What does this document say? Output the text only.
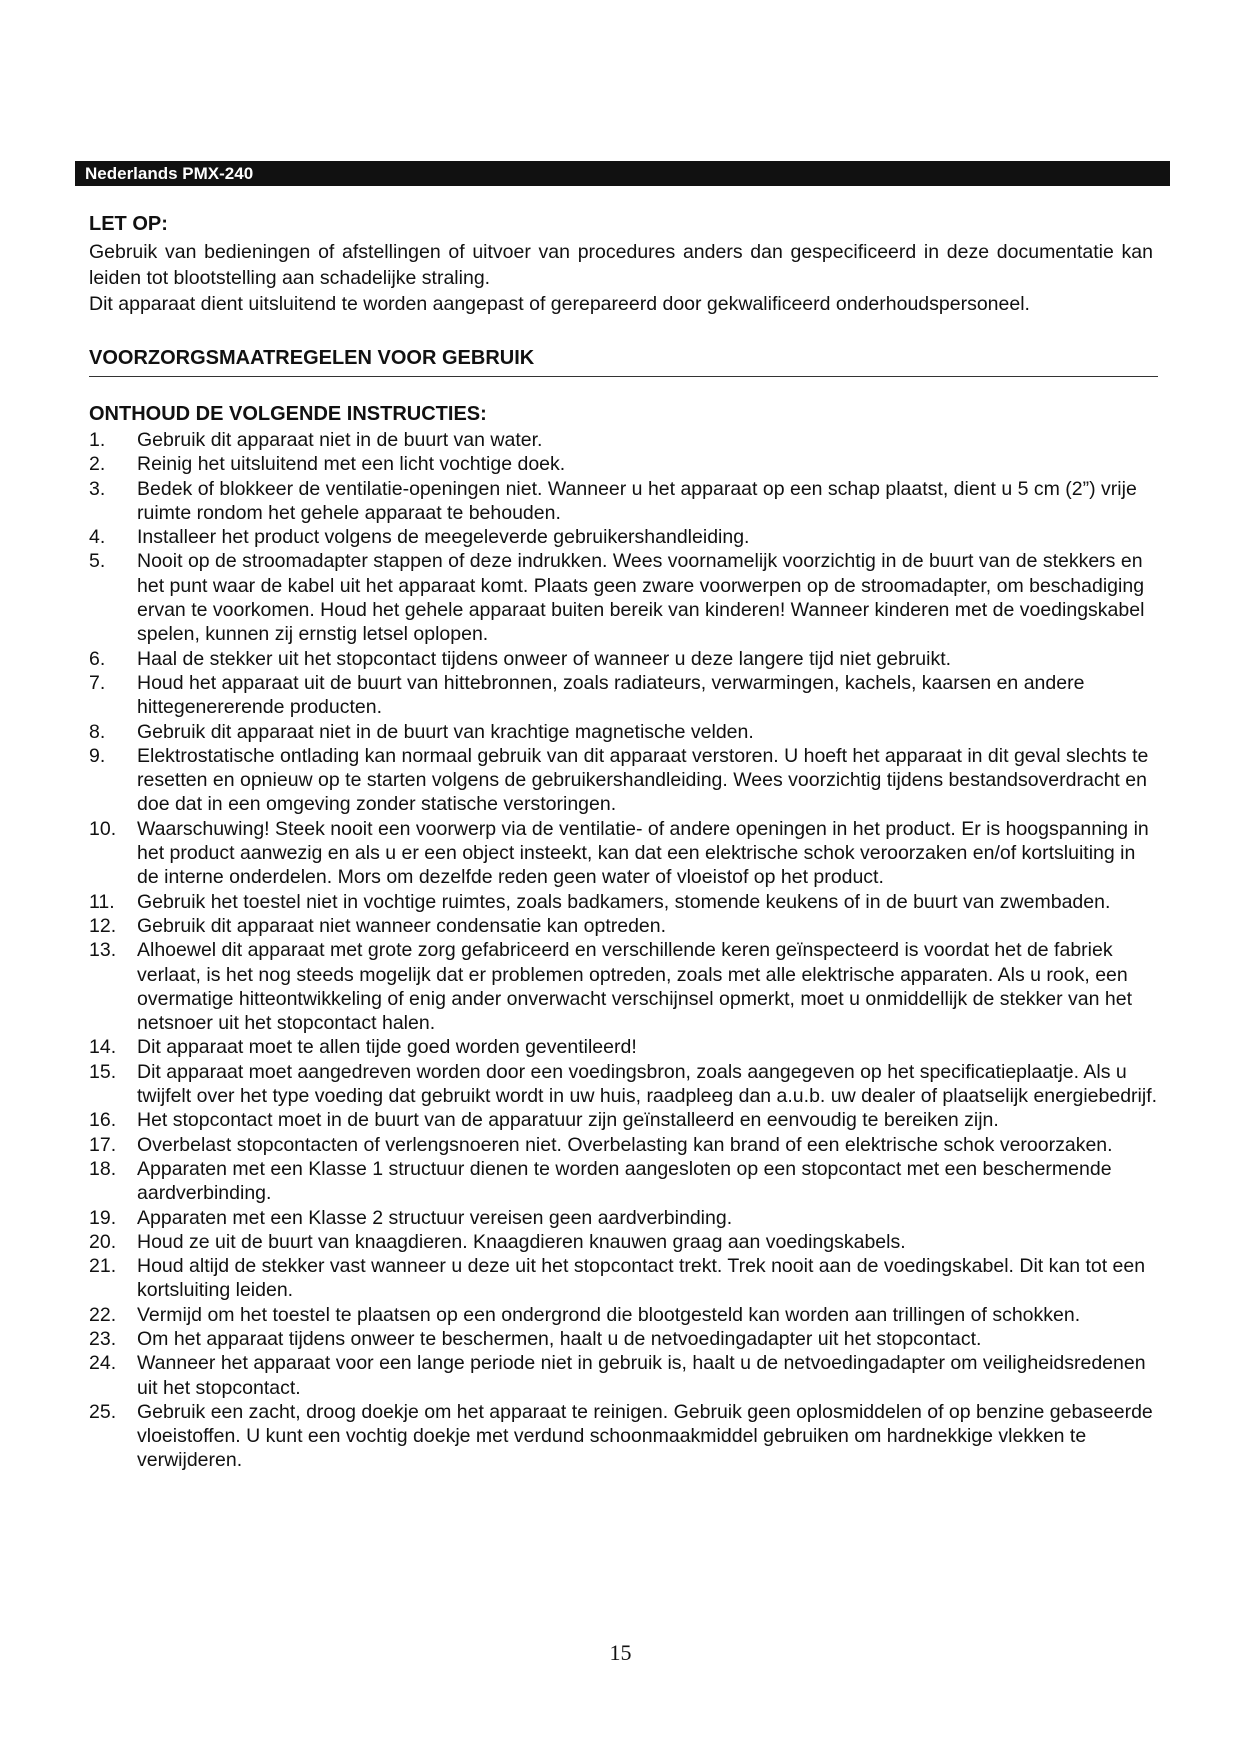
Nederlands PMX-240
LET OP:

Gebruik van bedieningen of afstellingen of uitvoer van procedures anders dan gespecificeerd in deze documentatie kan leiden tot blootstelling aan schadelijke straling.

Dit apparaat dient uitsluitend te worden aangepast of gerepareerd door gekwalificeerd onderhoudspersoneel.

VOORZORGSMAATREGELEN VOOR GEBRUIK
ONTHOUD DE VOLGENDE INSTRUCTIES:
1.	Gebruik dit apparaat niet in de buurt van water.
2.	Reinig het uitsluitend met een licht vochtige doek.
3.	Bedek of blokkeer de ventilatie-openingen niet. Wanneer u het apparaat op een schap plaatst, dient u 5 cm (2”) vrije ruimte rondom het gehele apparaat te behouden.
4.	Installeer het product volgens de meegeleverde gebruikershandleiding.
5.	Nooit op de stroomadapter stappen of deze indrukken. Wees voornamelijk voorzichtig in de buurt van de stekkers en het punt waar de kabel uit het apparaat komt. Plaats geen zware voorwerpen op de stroomadapter, om beschadiging ervan te voorkomen. Houd het gehele apparaat buiten bereik van kinderen! Wanneer kinderen met de voedingskabel spelen, kunnen zij ernstig letsel oplopen.
6.	Haal de stekker uit het stopcontact tijdens onweer of wanneer u deze langere tijd niet gebruikt.
7.	Houd het apparaat uit de buurt van hittebronnen, zoals radiateurs, verwarmingen, kachels, kaarsen en andere hittegenererende producten.
8.	Gebruik dit apparaat niet in de buurt van krachtige magnetische velden.
9.	Elektrostatische ontlading kan normaal gebruik van dit apparaat verstoren. U hoeft het apparaat in dit geval slechts te resetten en opnieuw op te starten volgens de gebruikershandleiding. Wees voorzichtig tijdens bestandsoverdracht en doe dat in een omgeving zonder statische verstoringen.
10.	Waarschuwing! Steek nooit een voorwerp via de ventilatie- of andere openingen in het product. Er is hoogspanning in het product aanwezig en als u er een object insteekt, kan dat een elektrische schok veroorzaken en/of kortsluiting in de interne onderdelen. Mors om dezelfde reden geen water of vloeistof op het product.
11.	Gebruik het toestel niet in vochtige ruimtes, zoals badkamers, stomende keukens of in de buurt van zwembaden.
12.	Gebruik dit apparaat niet wanneer condensatie kan optreden.
13.	Alhoewel dit apparaat met grote zorg gefabriceerd en verschillende keren geïnspecteerd is voordat het de fabriek verlaat, is het nog steeds mogelijk dat er problemen optreden, zoals met alle elektrische apparaten. Als u rook, een overmatige hitteontwikkeling of enig ander onverwacht verschijnsel opmerkt, moet u onmiddellijk de stekker van het netsnoer uit het stopcontact halen.
14.	Dit apparaat moet te allen tijde goed worden geventileerd!
15.	Dit apparaat moet aangedreven worden door een voedingsbron, zoals aangegeven op het specificatieplaatje. Als u twijfelt over het type voeding dat gebruikt wordt in uw huis, raadpleeg dan a.u.b. uw dealer of plaatselijk energiebedrijf.
16.	Het stopcontact moet in de buurt van de apparatuur zijn geïnstalleerd en eenvoudig te bereiken zijn.
17.	Overbelast stopcontacten of verlengsnoeren niet. Overbelasting kan brand of een elektrische schok veroorzaken.
18.	Apparaten met een Klasse 1 structuur dienen te worden aangesloten op een stopcontact met een beschermende aardverbinding.
19.	Apparaten met een Klasse 2 structuur vereisen geen aardverbinding.
20.	Houd ze uit de buurt van knaagdieren. Knaagdieren knauwen graag aan voedingskabels.
21.	Houd altijd de stekker vast wanneer u deze uit het stopcontact trekt. Trek nooit aan de voedingskabel. Dit kan tot een kortsluiting leiden.
22.	Vermijd om het toestel te plaatsen op een ondergrond die blootgesteld kan worden aan trillingen of schokken.
23.	Om het apparaat tijdens onweer te beschermen, haalt u de netvoedingadapter uit het stopcontact.
24.	Wanneer het apparaat voor een lange periode niet in gebruik is, haalt u de netvoedingadapter om veiligheidsredenen uit het stopcontact.
25.	Gebruik een zacht, droog doekje om het apparaat te reinigen. Gebruik geen oplosmiddelen of op benzine gebaseerde vloeistoffen. U kunt een vochtig doekje met verdund schoonmaakmiddel gebruiken om hardnekkige vlekken te verwijderen.
15
